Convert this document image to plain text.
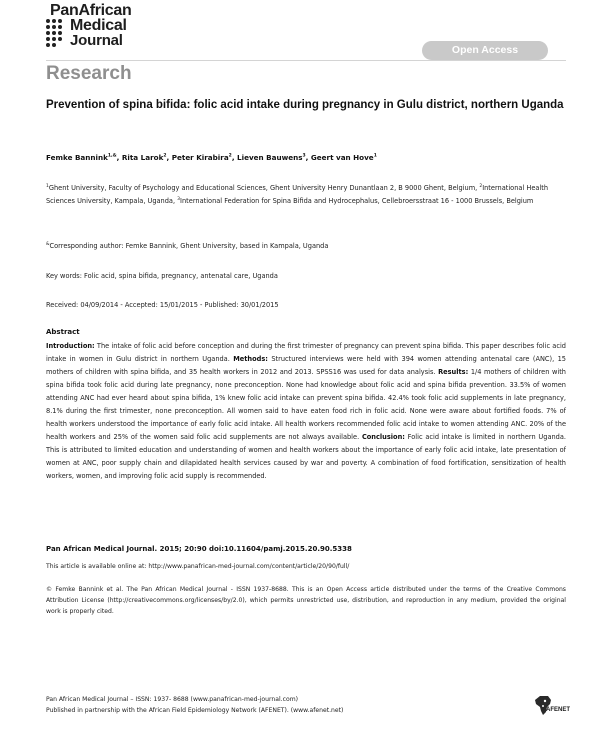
PanAfrican
Medical
Journal
Open Access
Research
Prevention of spina bifida: folic acid intake during pregnancy in Gulu district, northern Uganda
Femke Bannink$^{1,\&}$, Rita Larok$^2$, Peter Kirabira$^2$, Lieven Bauwens$^3$, Geert van Hove$^1$
$^1$Ghent University, Faculty of Psychology and Educational Sciences, Ghent University Henry Dunantlaan 2, B 9000 Ghent, Belgium, $^2$International Health Sciences University, Kampala, Uganda, $^3$International Federation for Spina Bifida and Hydrocephalus, Cellebroersstraat 16 - 1000 Brussels, Belgium
&Corresponding author: Femke Bannink, Ghent University, based in Kampala, Uganda
Key words: Folic acid, spina bifida, pregnancy, antenatal care, Uganda
Received: 04/09/2014 - Accepted: 15/01/2015 - Published: 30/01/2015
Abstract
Introduction: The intake of folic acid before conception and during the first trimester of pregnancy can prevent spina bifida. This paper describes folic acid intake in women in Gulu district in northern Uganda. Methods: Structured interviews were held with 394 women attending antenatal care (ANC), 15 mothers of children with spina bifida, and 35 health workers in 2012 and 2013. SPSS16 was used for data analysis. Results: 1/4 mothers of children with spina bifida took folic acid during late pregnancy, none preconception. None had knowledge about folic acid and spina bifida prevention. 33.5% of women attending ANC had ever heard about spina bifida, 1% knew folic acid intake can prevent spina bifida. 42.4% took folic acid supplements in late pregnancy, 8.1% during the first trimester, none preconception. All women said to have eaten food rich in folic acid. None were aware about fortified foods. 7% of health workers understood the importance of early folic acid intake. All health workers recommended folic acid intake to women attending ANC. 20% of the health workers and 25% of the women said folic acid supplements are not always available. Conclusion: Folic acid intake is limited in northern Uganda. This is attributed to limited education and understanding of women and health workers about the importance of early folic acid intake, late presentation of women at ANC, poor supply chain and dilapidated health services caused by war and poverty. A combination of food fortification, sensitization of health workers, women, and improving folic acid supply is recommended.
Pan African Medical Journal. 2015; 20:90 doi:10.11604/pamj.2015.20.90.5338
This article is available online at: http://www.panafrican-med-journal.com/content/article/20/90/full/
© Femke Bannink et al. The Pan African Medical Journal - ISSN 1937-8688. This is an Open Access article distributed under the terms of the Creative Commons Attribution License (http://creativecommons.org/licenses/by/2.0), which permits unrestricted use, distribution, and reproduction in any medium, provided the original work is properly cited.
Pan African Medical Journal – ISSN: 1937- 8688 (www.panafrican-med-journal.com)
Published in partnership with the African Field Epidemiology Network (AFENET). (www.afenet.net)	AFENET
